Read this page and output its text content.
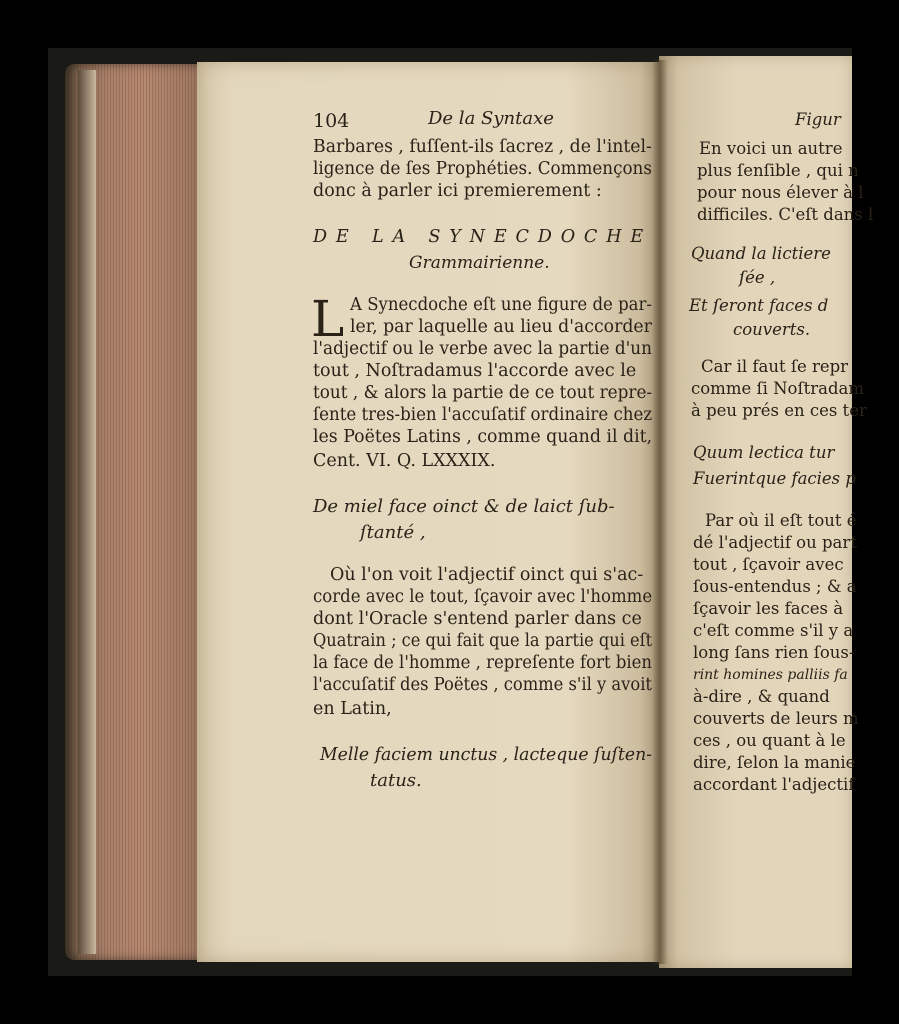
Figur
En voici un autre
plus ſenſible , qui n
pour nous élever à l
difficiles. C'eſt dans l
Quand la lictiere
ſée ,
Et ſeront faces d
couverts.
Car il faut ſe repr
comme ſi Noſtradam
à peu prés en ces ter
Quum lectica tur
Fuerintque facies p
Par où il eſt tout é
dé l'adjectif ou part
tout , ſçavoir avec
ſous-entendus ; & a
ſçavoir les faces à
c'eſt comme s'il y a
long ſans rien ſous-
rint homines palliis fa
à-dire , & quand
couverts de leurs m
ces , ou quant à le
dire, ſelon la manie
accordant l'adjectif
104	De la Syntaxe
Barbares , fuſſent-ils ſacrez , de l'intel-
ligence de ſes Prophéties. Commençons
donc à parler ici premierement :
DE LA SYNECDOCHE
Grammairienne.
L A Synecdoche eſt une figure de par-
ler, par laquelle au lieu d'accorder
l'adjectif ou le verbe avec la partie d'un
tout , Noſtradamus l'accorde avec le
tout , & alors la partie de ce tout repre-
ſente tres-bien l'accuſatif ordinaire chez
les Poëtes Latins , comme quand il dit,
Cent. VI. Q. LXXXIX.
De miel face oinct & de laict ſub-
ſtanté ,
Où l'on voit l'adjectif oinct qui s'ac-
corde avec le tout, ſçavoir avec l'homme
dont l'Oracle s'entend parler dans ce
Quatrain ; ce qui fait que la partie qui eſt
la face de l'homme , repreſente fort bien
l'accuſatif des Poëtes , comme s'il y avoit
en Latin,
Melle faciem unctus , lacteque ſuſten-
tatus.
